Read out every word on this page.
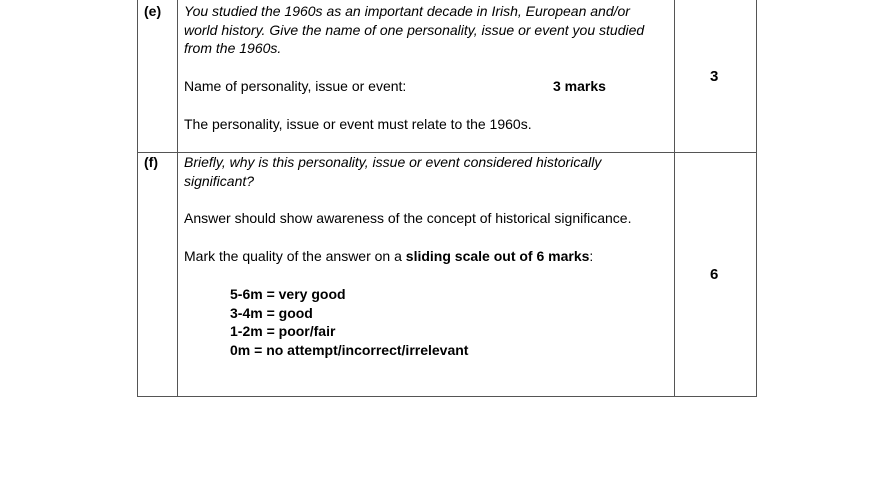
(e) You studied the 1960s as an important decade in Irish, European and/or
world history. Give the name of one personality, issue or event you studied
from the 1960s.
Name of personality, issue or event:	3 marks
The personality, issue or event must relate to the 1960s.
3
(f) Briefly, why is this personality, issue or event considered historically
significant?
Answer should show awareness of the concept of historical significance.
Mark the quality of the answer on a sliding scale out of 6 marks:
5-6m = very good
3-4m = good
1-2m = poor/fair
0m = no attempt/incorrect/irrelevant
6
